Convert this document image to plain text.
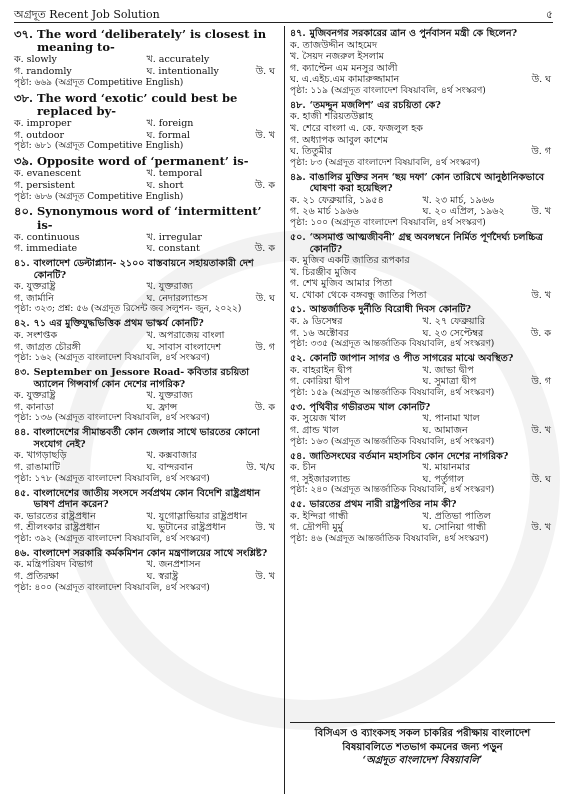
অগ্রদূত Recent Job Solution	৫
৩৭. The word ‘deliberately’ is closest in meaning to-
ক. slowly	খ. accurately
গ. randomly	ঘ. intentionally	উ. ঘ
পৃষ্ঠা: ৬৬৯ (অগ্রদূত Competitive English)
৩৮. The word ‘exotic’ could best be replaced by-
ক. improper	খ. foreign
গ. outdoor	ঘ. formal	উ. খ
পৃষ্ঠা: ৬৮১ (অগ্রদূত Competitive English)
৩৯. Opposite word of ‘permanent’ is-
ক. evanescent	খ. temporal
গ. persistent	ঘ. short	উ. ক
পৃষ্ঠা: ৬৮৬ (অগ্রদূত Competitive English)
৪০. Synonymous word of ‘intermittent’ is-
ক. continuous	খ. irregular
গ. immediate	ঘ. constant	উ. ক
৪১. বাংলাদেশ ডেল্টাপ্ল্যান- ২১০০ বাস্তবায়নে সহায়তাকারী দেশ কোনটি?
ক. যুক্তরাষ্ট্র	খ. যুক্তরাজ্য
গ. জার্মানি	ঘ. নেদারল্যান্ডস	উ. ঘ
পৃষ্ঠা: ৩২৩; প্রশ্ন: ৫৬ (অগ্রদূত রিসেন্ট জব সলুশন- জুন, ২০২২)
৪২. ৭১ এর মুক্তিযুদ্ধভিত্তিক প্রথম ভাস্কর্য কোনটি?
ক. সংশপ্তক	খ. অপরাজেয় বাংলা
গ. জাগ্রত চৌরঙ্গী	ঘ. সাবাস বাংলাদেশ	উ. গ
পৃষ্ঠা: ১৬২ (অগ্রদূত বাংলাদেশ বিষয়াবলি, ৪র্থ সংস্করণ)
৪৩. September on Jessore Road- কবিতার রচয়িতা অ্যালেন গিন্সবার্গ কোন দেশের নাগরিক?
ক. যুক্তরাষ্ট্র	খ. যুক্তরাজ্য
গ. কানাডা	ঘ. ফ্রান্স	উ. ক
পৃষ্ঠা: ১৩৬ (অগ্রদূত বাংলাদেশ বিষয়াবলি, ৪র্থ সংস্করণ)
৪৪. বাংলাদেশের সীমান্তবর্তী কোন জেলার সাথে ভারতের কোনো সংযোগ নেই?
ক. খাগড়াছড়ি	খ. কক্সবাজার
গ. রাঙামাটি	ঘ. বান্দরবান	উ. খ/ঘ
পৃষ্ঠা: ১৭৮ (অগ্রদূত বাংলাদেশ বিষয়াবলি, ৪র্থ সংস্করণ)
৪৫. বাংলাদেশের জাতীয় সংসদে সর্বপ্রথম কোন বিদেশি রাষ্ট্রপ্রধান ভাষণ প্রদান করেন?
ক. ভারতের রাষ্ট্রপ্রধান	খ. যুগোস্লাভিয়ার রাষ্ট্রপ্রধান
গ. শ্রীলংকার রাষ্ট্রপ্রধান	ঘ. ভুটানের রাষ্ট্রপ্রধান	উ. খ
পৃষ্ঠা: ৩৯২ (অগ্রদূত বাংলাদেশ বিষয়াবলি, ৪র্থ সংস্করণ)
৪৬. বাংলাদেশ সরকারি কর্মকমিশন কোন মন্ত্রণালয়ের সাথে সংশ্লিষ্ট?
ক. মন্ত্রিপরিষদ বিভাগ	খ. জনপ্রশাসন
গ. প্রতিরক্ষা	ঘ. স্বরাষ্ট্র	উ. খ
পৃষ্ঠা: ৪০০ (অগ্রদূত বাংলাদেশ বিষয়াবলি, ৪র্থ সংস্করণ)
৪৭. মুজিবনগর সরকারের ত্রান ও পুর্নবাসন মন্ত্রী কে ছিলেন?
ক. তাজউদ্দীন আহমেদ
খ. সৈয়দ নজরুল ইসলাম
গ. ক্যাপ্টেন এম মনসুর আলী
ঘ. এ.এইচ.এম কামারুজ্জামান	উ. ঘ
পৃষ্ঠা: ১১৯ (অগ্রদূত বাংলাদেশ বিষয়াবলি, ৪র্থ সংস্করণ)
৪৮. ‘তমদ্দুন মজলিশ’ এর রচয়িতা কে?
ক. হাজী শরিয়তউল্লাহ
খ. শেরে বাংলা এ. কে. ফজলুল হক
গ. অধ্যাপক আবুল কাশেম
ঘ. তিতুমীর	উ. গ
পৃষ্ঠা: ৮৩ (অগ্রদূত বাংলাদেশ বিষয়াবলি, ৪র্থ সংস্করণ)
৪৯. বাঙালির মুক্তির সনদ ‘ছয় দফা’ কোন তারিখে আনুষ্ঠানিকভাবে ঘোষণা করা হয়েছিল?
ক. ২১ ফেব্রুয়ারি, ১৯৫৪	খ. ২৩ মার্চ, ১৯৬৬
গ. ২৬ মার্চ ১৯৬৬	ঘ. ২০ এপ্রিল, ১৯৬২	উ. খ
পৃষ্ঠা: ১০০ (অগ্রদূত বাংলাদেশ বিষয়াবলি, ৪র্থ সংস্করণ)
৫০. ‘অসমাপ্ত আত্মজীবনী’ গ্রন্থ অবলম্বনে নির্মিত পূর্ণদৈর্ঘ্য চলচ্চিত্র কোনটি?
ক. মুজিব একটি জাতির রূপকার
খ. চিরঞ্জীব মুজিব
গ. শেখ মুজিব আমার পিতা
ঘ. খোকা থেকে বঙ্গবন্ধু জাতির পিতা	উ. খ
৫১. আন্তর্জাতিক দুর্নীতি বিরোধী দিবস কোনটি?
ক. ৯ ডিসেম্বর	খ. ২৭ ফেব্রুয়ারি
গ. ১৬ অক্টোবর	ঘ. ২৩ সেপ্টেম্বর	উ. ক
পৃষ্ঠা: ৩৩৫ (অগ্রদূত আন্তর্জাতিক বিষয়াবলি, ৪র্থ সংস্করণ)
৫২. কোনটি জাপান সাগর ও পীত সাগরের মাঝে অবস্থিত?
ক. বাহরাইন দ্বীপ	খ. জাভা দ্বীপ
গ. কোরিয়া দ্বীপ	ঘ. সুমাত্রা দ্বীপ	উ. গ
পৃষ্ঠা: ১৫৯ (অগ্রদূত আন্তর্জাতিক বিষয়াবলি, ৪র্থ সংস্করণ)
৫৩. পৃথিবীর গভীরতম খাল কোনটি?
ক. সুয়েজ খাল	খ. পানামা খাল
গ. গ্রান্ড খাল	ঘ. আমাজন	উ. খ
পৃষ্ঠা: ১৬৩ (অগ্রদূত আন্তর্জাতিক বিষয়াবলি, ৪র্থ সংস্করণ)
৫৪. জাতিসংঘের বর্তমান মহাসচিব কোন দেশের নাগরিক?
ক. চীন	খ. মায়ানমার
গ. সুইজারল্যান্ড	ঘ. পর্তুগাল	উ. ঘ
পৃষ্ঠা: ২৪০ (অগ্রদূত আন্তর্জাতিক বিষয়াবলি, ৪র্থ সংস্করণ)
৫৫. ভারতের প্রথম নারী রাষ্ট্রপতির নাম কী?
ক. ইন্দিরা গান্ধী	খ. প্রতিভা পাতিল
গ. দ্রৌপদী মুর্মু	ঘ. সোনিয়া গান্ধী	উ. খ
পৃষ্ঠা: ৪৬ (অগ্রদূত আন্তর্জাতিক বিষয়াবলি, ৪র্থ সংস্করণ)
বিসিএস ও ব্যাংকসহ সকল চাকরির পরীক্ষায় বাংলাদেশ
বিষয়াবলিতে শতভাগ কমনের জন্য পড়ুন
‘অগ্রদূত বাংলাদেশ বিষয়াবলি’
